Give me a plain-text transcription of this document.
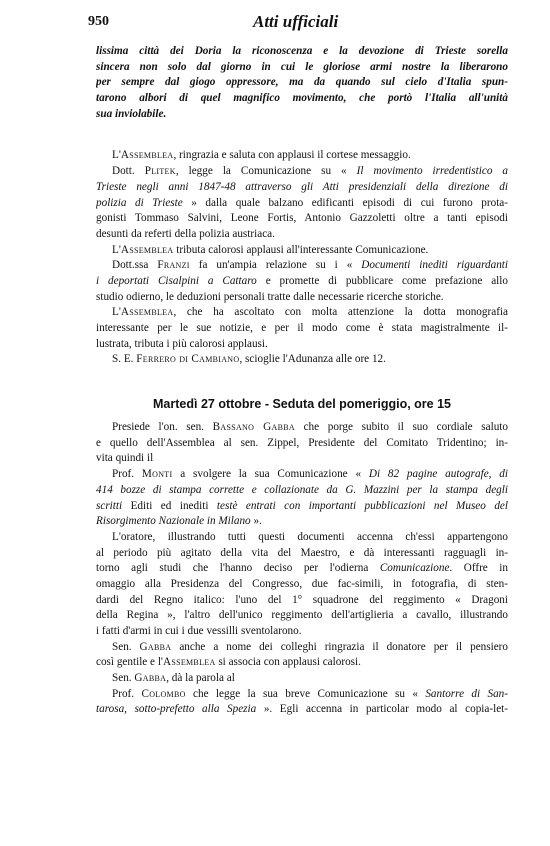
950	Atti ufficiali
lissima città dei Doria la riconoscenza e la devozione di Trieste sorella
sincera non solo dal giorno in cui le gloriose armi nostre la liberarono
per sempre dal giogo oppressore, ma da quando sul cielo d'Italia spun-
tarono albori di quel magnifico movimento, che portò l'Italia all'unità
sua inviolabile.
L'Assemblea, ringrazia e saluta con applausi il cortese messaggio.
Dott. Plitek, legge la Comunicazione su « Il movimento irredentistico a
Trieste negli anni 1847-48 attraverso gli Atti presidenziali della direzione di
polizia di Trieste » dalla quale balzano edificanti episodi di cui furono prota-
gonisti Tommaso Salvini, Leone Fortis, Antonio Gazzoletti oltre a tanti episodi
desunti da referti della polizia austriaca.
L'Assemblea tributa calorosi applausi all'interessante Comunicazione.
Dott.ssa Franzi fa un'ampia relazione su i « Documenti inediti riguardanti
i deportati Cisalpini a Cattaro e promette di pubblicare come prefazione allo
studio odierno, le deduzioni personali tratte dalle necessarie ricerche storiche.
L'Assemblea, che ha ascoltato con molta attenzione la dotta monografia
interessante per le sue notizie, e per il modo come è stata magistralmente il-
lustrata, tributa i più calorosi applausi.
S. E. Ferrero di Cambiano, scioglie l'Adunanza alle ore 12.
Martedì 27 ottobre - Seduta del pomeriggio, ore 15
Presiede l'on. sen. Bassano Gabba che porge subito il suo cordiale saluto
e quello dell'Assemblea al sen. Zippel, Presidente del Comitato Tridentino; in-
vita quindi il
Prof. Monti a svolgere la sua Comunicazione « Di 82 pagine autografe, di
414 bozze di stampa corrette e collazionate da G. Mazzini per la stampa degli
scritti Editi ed inediti testè entrati con importanti pubblicazioni nel Museo del
Risorgimento Nazionale in Milano ».
L'oratore, illustrando tutti questi documenti accenna ch'essi appartengono
al periodo più agitato della vita del Maestro, e dà interessanti ragguagli in-
torno agli studi che l'hanno deciso per l'odierna Comunicazione. Offre in
omaggio alla Presidenza del Congresso, due fac-simili, in fotografia, di sten-
dardi del Regno italico: l'uno del 1° squadrone del reggimento « Dragoni
della Regina », l'altro dell'unico reggimento dell'artiglieria a cavallo, illustrando
i fatti d'armi in cui i due vessilli sventolarono.
Sen. Gabba anche a nome dei colleghi ringrazia il donatore per il pensiero
così gentile e l'Assemblea si associa con applausi calorosi.
Sen. Gabba, dà la parola al
Prof. Colombo che legge la sua breve Comunicazione su « Santorre di San-
tarosa, sotto-prefetto alla Spezia ». Egli accenna in particolar modo al copia-let-
